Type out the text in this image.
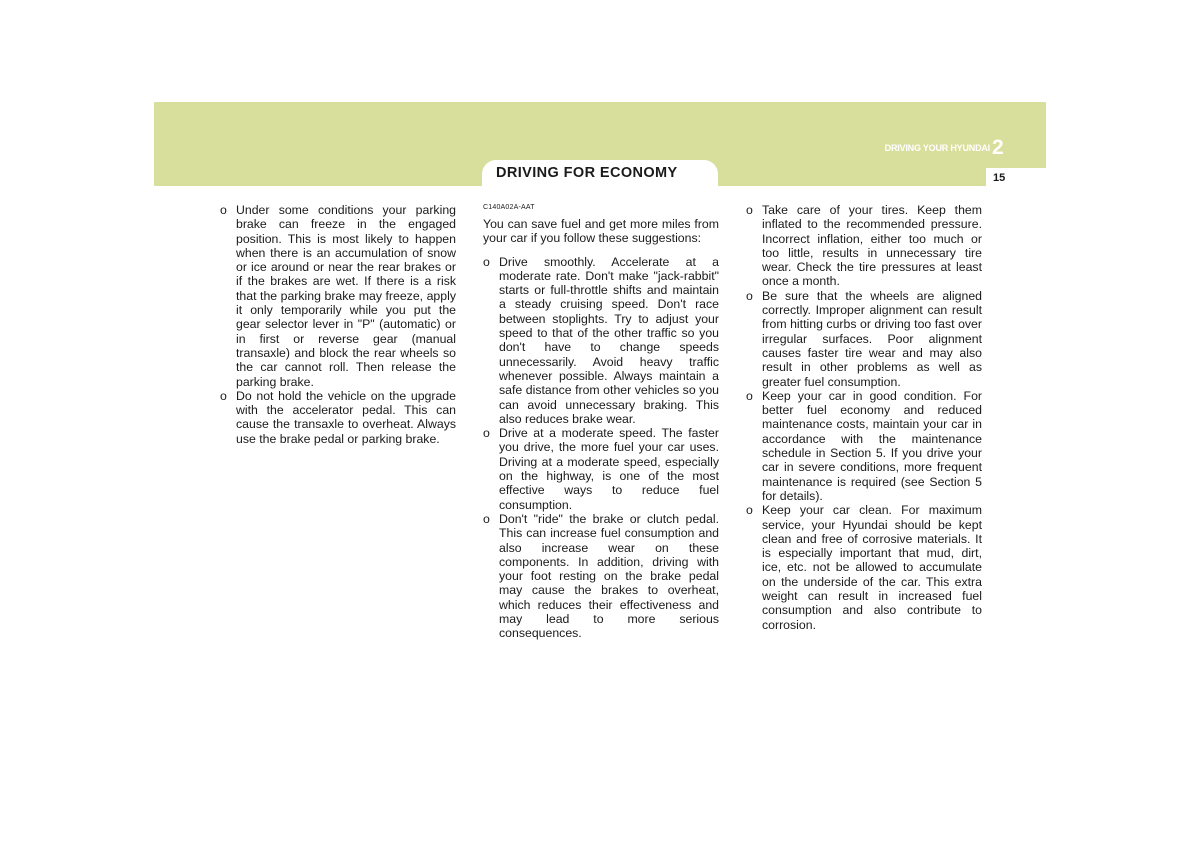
DRIVING YOUR HYUNDAI 2
15
DRIVING FOR ECONOMY

o Under some conditions your parking brake can freeze in the engaged position. This is most likely to happen when there is an accumulation of snow or ice around or near the rear brakes or if the brakes are wet. If there is a risk that the parking brake may freeze, apply it only temporarily while you put the gear selector lever in "P" (automatic) or in first or reverse gear (manual transaxle) and block the rear wheels so the car cannot roll. Then release the parking brake.

o Do not hold the vehicle on the upgrade with the accelerator pedal. This can cause the transaxle to overheat. Always use the brake pedal or parking brake.

C140A02A-AAT

You can save fuel and get more miles from your car if you follow these suggestions:

o Drive smoothly. Accelerate at a moderate rate. Don't make "jack-rabbit" starts or full-throttle shifts and maintain a steady cruising speed. Don't race between stoplights. Try to adjust your speed to that of the other traffic so you don't have to change speeds unnecessarily. Avoid heavy traffic whenever possible. Always maintain a safe distance from other vehicles so you can avoid unnecessary braking. This also reduces brake wear.

o Drive at a moderate speed. The faster you drive, the more fuel your car uses. Driving at a moderate speed, especially on the highway, is one of the most effective ways to reduce fuel consumption.

o Don't "ride" the brake or clutch pedal. This can increase fuel consumption and also increase wear on these components. In addition, driving with your foot resting on the brake pedal may cause the brakes to overheat, which reduces their effectiveness and may lead to more serious consequences.

o Take care of your tires. Keep them inflated to the recommended pressure. Incorrect inflation, either too much or too little, results in unnecessary tire wear. Check the tire pressures at least once a month.

o Be sure that the wheels are aligned correctly. Improper alignment can result from hitting curbs or driving too fast over irregular surfaces. Poor alignment causes faster tire wear and may also result in other problems as well as greater fuel consumption.

o Keep your car in good condition. For better fuel economy and reduced maintenance costs, maintain your car in accordance with the maintenance schedule in Section 5. If you drive your car in severe conditions, more frequent maintenance is required (see Section 5 for details).

o Keep your car clean. For maximum service, your Hyundai should be kept clean and free of corrosive materials. It is especially important that mud, dirt, ice, etc. not be allowed to accumulate on the underside of the car. This extra weight can result in increased fuel consumption and also contribute to corrosion.
